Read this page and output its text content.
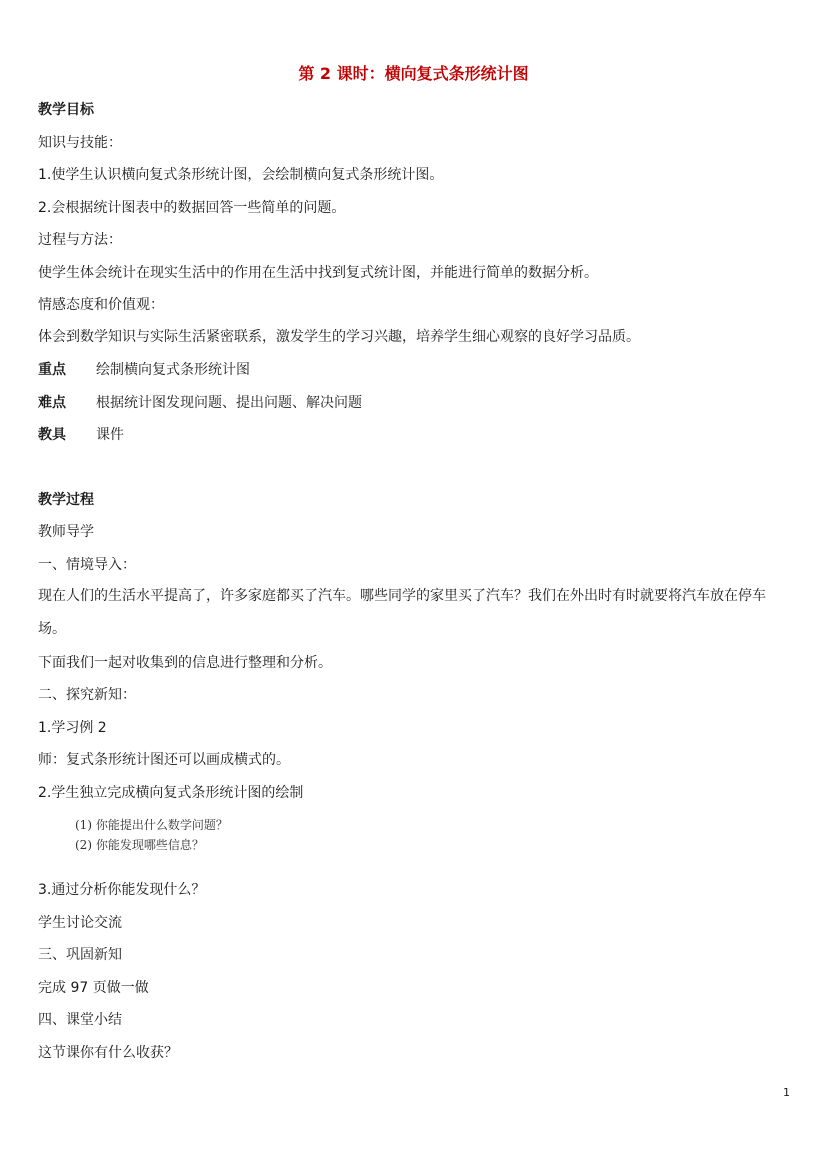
第 2 课时：横向复式条形统计图
教学目标
知识与技能：
1.使学生认识横向复式条形统计图，会绘制横向复式条形统计图。
2.会根据统计图表中的数据回答一些简单的问题。
过程与方法：
使学生体会统计在现实生活中的作用在生活中找到复式统计图，并能进行简单的数据分析。
情感态度和价值观：
体会到数学知识与实际生活紧密联系，激发学生的学习兴趣，培养学生细心观察的良好学习品质。
重点 绘制横向复式条形统计图
难点 根据统计图发现问题、提出问题、解决问题
教具 课件
教学过程
教师导学
一、情境导入：
现在人们的生活水平提高了，许多家庭都买了汽车。哪些同学的家里买了汽车？我们在外出时有时就要将汽车放在停车场。
下面我们一起对收集到的信息进行整理和分析。
二、探究新知：
1.学习例 2
师：复式条形统计图还可以画成横式的。
2.学生独立完成横向复式条形统计图的绘制
(1) 你能提出什么数学问题？
(2) 你能发现哪些信息？
3.通过分析你能发现什么？
学生讨论交流
三、巩固新知
完成 97 页做一做
四、课堂小结
这节课你有什么收获？
1
